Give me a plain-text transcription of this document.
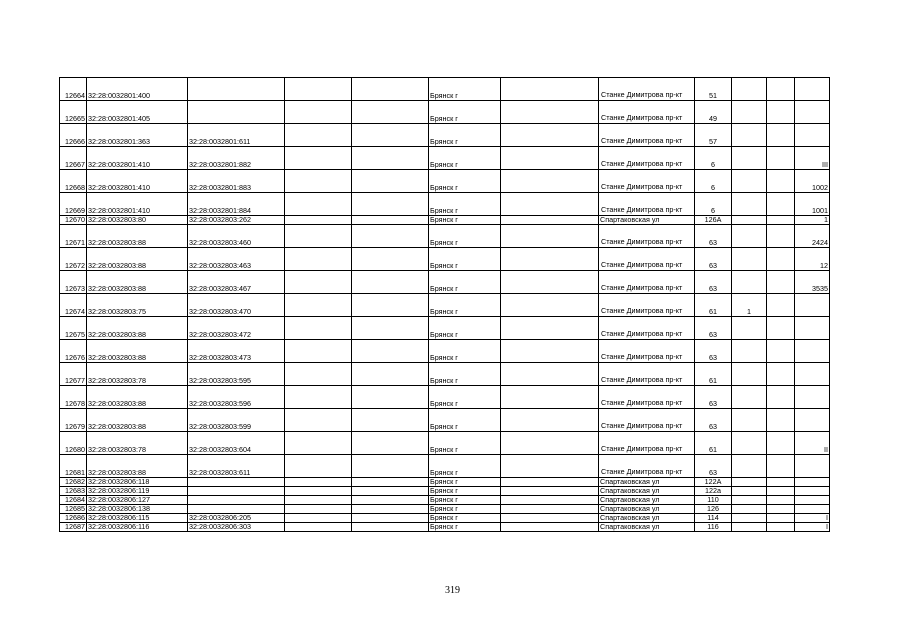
12664	32:28:0032801:400				Брянск г		Станке Димитрова пр-кт	51			
12665	32:28:0032801:405				Брянск г		Станке Димитрова пр-кт	49			
12666	32:28:0032801:363	32:28:0032801:611			Брянск г		Станке Димитрова пр-кт	57			
12667	32:28:0032801:410	32:28:0032801:882			Брянск г		Станке Димитрова пр-кт	6			III
12668	32:28:0032801:410	32:28:0032801:883			Брянск г		Станке Димитрова пр-кт	6			1002
12669	32:28:0032801:410	32:28:0032801:884			Брянск г		Станке Димитрова пр-кт	6			1001
12670	32:28:0032803:80	32:28:0032803:262			Брянск г		Спартаковская ул	126А			1
12671	32:28:0032803:88	32:28:0032803:460			Брянск г		Станке Димитрова пр-кт	63			2424
12672	32:28:0032803:88	32:28:0032803:463			Брянск г		Станке Димитрова пр-кт	63			12
12673	32:28:0032803:88	32:28:0032803:467			Брянск г		Станке Димитрова пр-кт	63			3535
12674	32:28:0032803:75	32:28:0032803:470			Брянск г		Станке Димитрова пр-кт	61	1		
12675	32:28:0032803:88	32:28:0032803:472			Брянск г		Станке Димитрова пр-кт	63			
12676	32:28:0032803:88	32:28:0032803:473			Брянск г		Станке Димитрова пр-кт	63			
12677	32:28:0032803:78	32:28:0032803:595			Брянск г		Станке Димитрова пр-кт	61			
12678	32:28:0032803:88	32:28:0032803:596			Брянск г		Станке Димитрова пр-кт	63			
12679	32:28:0032803:88	32:28:0032803:599			Брянск г		Станке Димитрова пр-кт	63			
12680	32:28:0032803:78	32:28:0032803:604			Брянск г		Станке Димитрова пр-кт	61			II
12681	32:28:0032803:88	32:28:0032803:611			Брянск г		Станке Димитрова пр-кт	63			
12682	32:28:0032806:118				Брянск г		Спартаковская ул	122А			
12683	32:28:0032806:119				Брянск г		Спартаковская ул	122а			
12684	32:28:0032806:127				Брянск г		Спартаковская ул	110			
12685	32:28:0032806:138				Брянск г		Спартаковская ул	126			
12686	32:28:0032806:115	32:28:0032806:205			Брянск г		Спартаковская ул	114			I
12687	32:28:0032806:116	32:28:0032806:303			Брянск г		Спартаковская ул	116			I
319
